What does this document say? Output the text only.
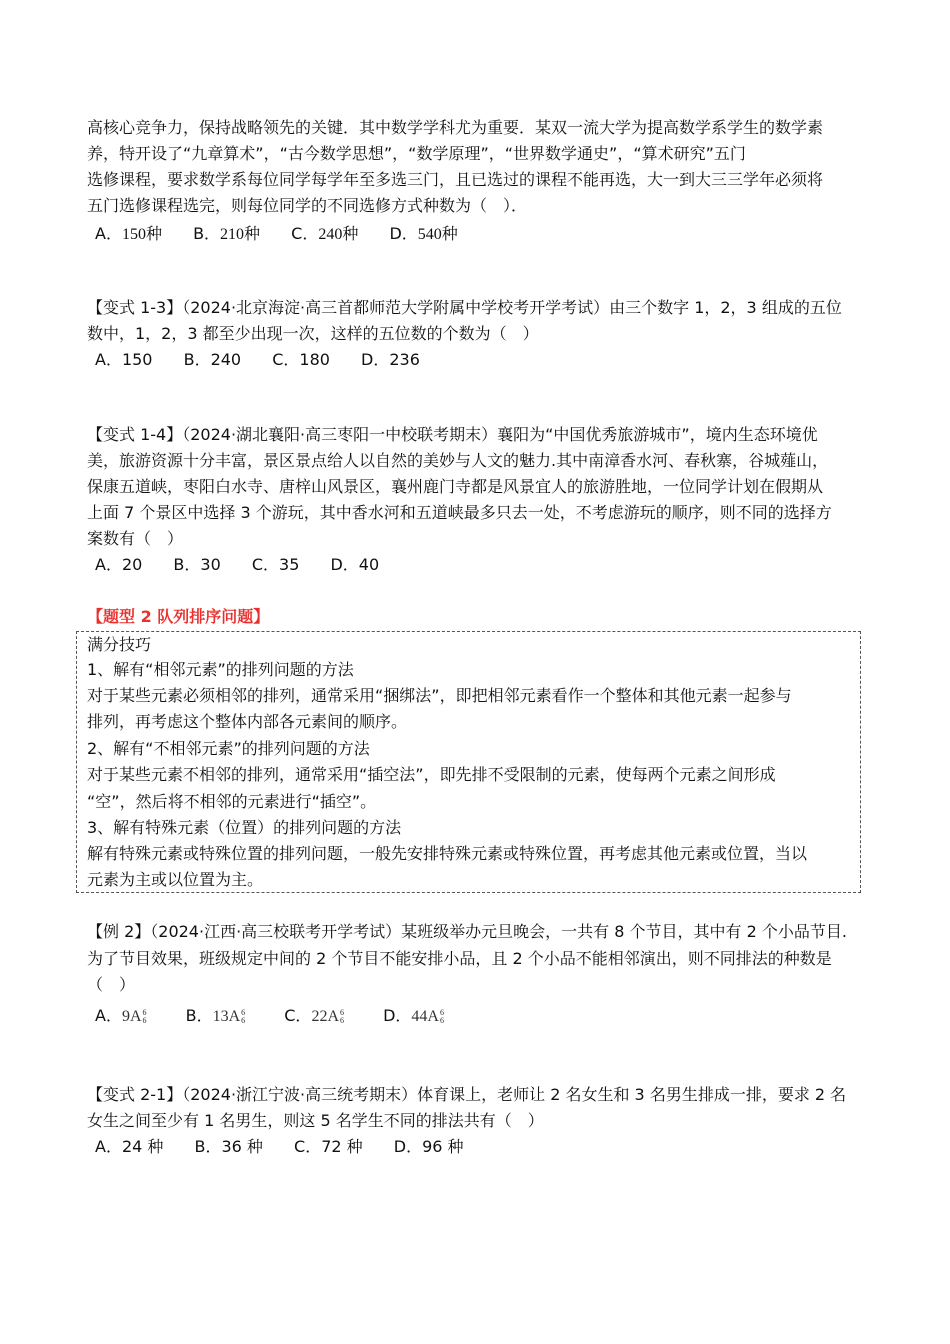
高核心竞争力，保持战略领先的关键．其中数学学科尤为重要．某双一流大学为提高数学系学生的数学素
养，特开设了“九章算术”，“古今数学思想”，“数学原理”，“世界数学通史”，“算术研究”五门
选修课程，要求数学系每位同学每学年至多选三门，且已选过的课程不能再选，大一到大三三学年必须将
五门选修课程选完，则每位同学的不同选修方式种数为（　）．
A．150种 B．210种 C．240种 D．540种
【变式 1-3】（2024·北京海淀·高三首都师范大学附属中学校考开学考试）由三个数字 1，2，3 组成的五位
数中，1，2，3 都至少出现一次，这样的五位数的个数为（　）
A．150 B．240 C．180 D．236
【变式 1-4】（2024·湖北襄阳·高三枣阳一中校联考期末）襄阳为“中国优秀旅游城市”，境内生态环境优
美，旅游资源十分丰富，景区景点给人以自然的美妙与人文的魅力.其中南漳香水河、春秋寨，谷城薤山，
保康五道峡，枣阳白水寺、唐梓山风景区，襄州鹿门寺都是风景宜人的旅游胜地，一位同学计划在假期从
上面 7 个景区中选择 3 个游玩，其中香水河和五道峡最多只去一处，不考虑游玩的顺序，则不同的选择方
案数有（　）
A．20 B．30 C．35 D．40
【题型 2 队列排序问题】
满分技巧
1、解有“相邻元素”的排列问题的方法
对于某些元素必须相邻的排列，通常采用“捆绑法”，即把相邻元素看作一个整体和其他元素一起参与
排列，再考虑这个整体内部各元素间的顺序。
2、解有“不相邻元素”的排列问题的方法
对于某些元素不相邻的排列，通常采用“插空法”，即先排不受限制的元素，使每两个元素之间形成
“空”，然后将不相邻的元素进行“插空”。
3、解有特殊元素（位置）的排列问题的方法
解有特殊元素或特殊位置的排列问题，一般先安排特殊元素或特殊位置，再考虑其他元素或位置，当以
元素为主或以位置为主。
【例 2】（2024·江西·高三校联考开学考试）某班级举办元旦晚会，一共有 8 个节目，其中有 2 个小品节目.
为了节目效果，班级规定中间的 2 个节目不能安排小品，且 2 个小品不能相邻演出，则不同排法的种数是
（　）
A．9A6
6 B．13A6
6 C．22A6
6 D．44A6
6
【变式 2-1】（2024·浙江宁波·高三统考期末）体育课上，老师让 2 名女生和 3 名男生排成一排，要求 2 名
女生之间至少有 1 名男生，则这 5 名学生不同的排法共有（　）
A．24 种 B．36 种 C．72 种 D．96 种
